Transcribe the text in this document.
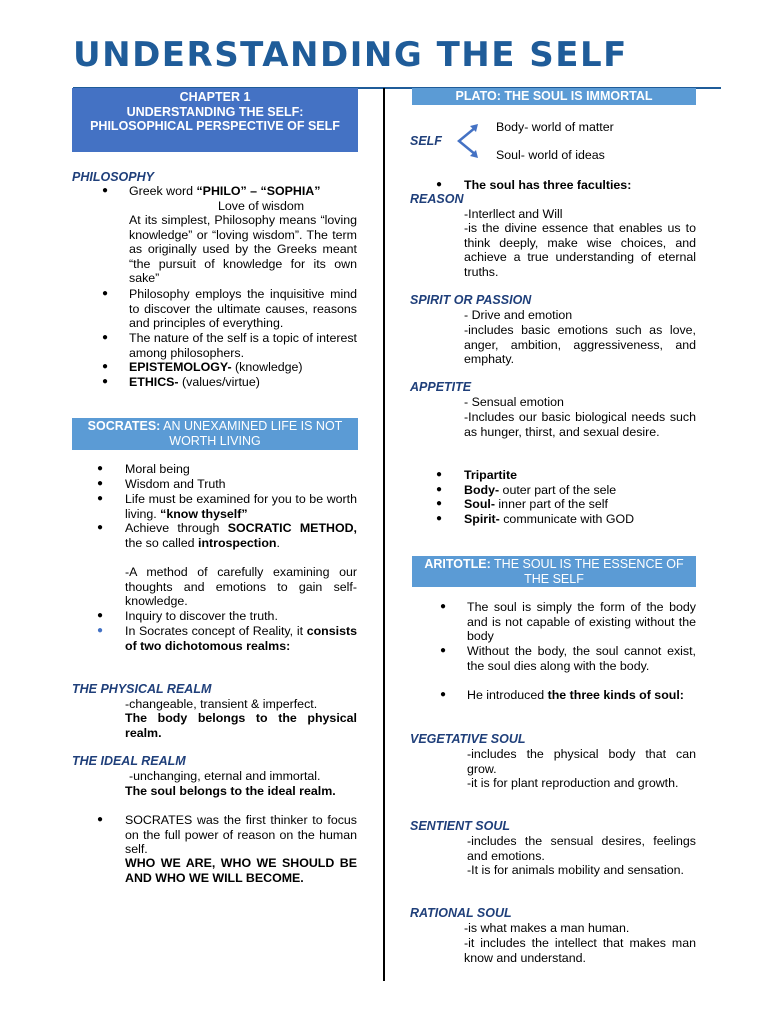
UNDERSTANDING THE SELF
CHAPTER 1
UNDERSTANDING THE SELF:
PHILOSOPHICAL PERSPECTIVE OF SELF
PHILOSOPHY
● Greek word “PHILO” – “SOPHIA”
Love of wisdom
At its simplest, Philosophy means “loving knowledge” or “loving wisdom”. The term as originally used by the Greeks meant “the pursuit of knowledge for its own sake”
● Philosophy employs the inquisitive mind to discover the ultimate causes, reasons and principles of everything.
● The nature of the self is a topic of interest among philosophers.
● EPISTEMOLOGY- (knowledge)
● ETHICS- (values/virtue)
SOCRATES: AN UNEXAMINED LIFE IS NOT WORTH LIVING
● Moral being
● Wisdom and Truth
● Life must be examined for you to be worth living. “know thyself”
● Achieve through SOCRATIC METHOD, the so called introspection.
-A method of carefully examining our thoughts and emotions to gain self-knowledge.
● Inquiry to discover the truth.
● In Socrates concept of Reality, it consists of two dichotomous realms:
THE PHYSICAL REALM
-changeable, transient & imperfect.
The body belongs to the physical realm.
THE IDEAL REALM
-unchanging, eternal and immortal.
The soul belongs to the ideal realm.
● SOCRATES was the first thinker to focus on the full power of reason on the human self.
WHO WE ARE, WHO WE SHOULD BE AND WHO WE WILL BECOME.
PLATO: THE SOUL IS IMMORTAL
SELF
Body- world of matter
Soul- world of ideas
● The soul has three faculties:
REASON
-Interllect and Will
-is the divine essence that enables us to think deeply, make wise choices, and achieve a true understanding of eternal truths.
SPIRIT OR PASSION
- Drive and emotion
-includes basic emotions such as love, anger, ambition, aggressiveness, and emphaty.
APPETITE
- Sensual emotion
-Includes our basic biological needs such as hunger, thirst, and sexual desire.
● Tripartite
● Body- outer part of the sele
● Soul- inner part of the self
● Spirit- communicate with GOD
ARITOTLE: THE SOUL IS THE ESSENCE OF THE SELF
● The soul is simply the form of the body and is not capable of existing without the body
● Without the body, the soul cannot exist, the soul dies along with the body.
● He introduced the three kinds of soul:
VEGETATIVE SOUL
-includes the physical body that can grow.
-it is for plant reproduction and growth.
SENTIENT SOUL
-includes the sensual desires, feelings and emotions.
-It is for animals mobility and sensation.
RATIONAL SOUL
-is what makes a man human.
-it includes the intellect that makes man know and understand.
